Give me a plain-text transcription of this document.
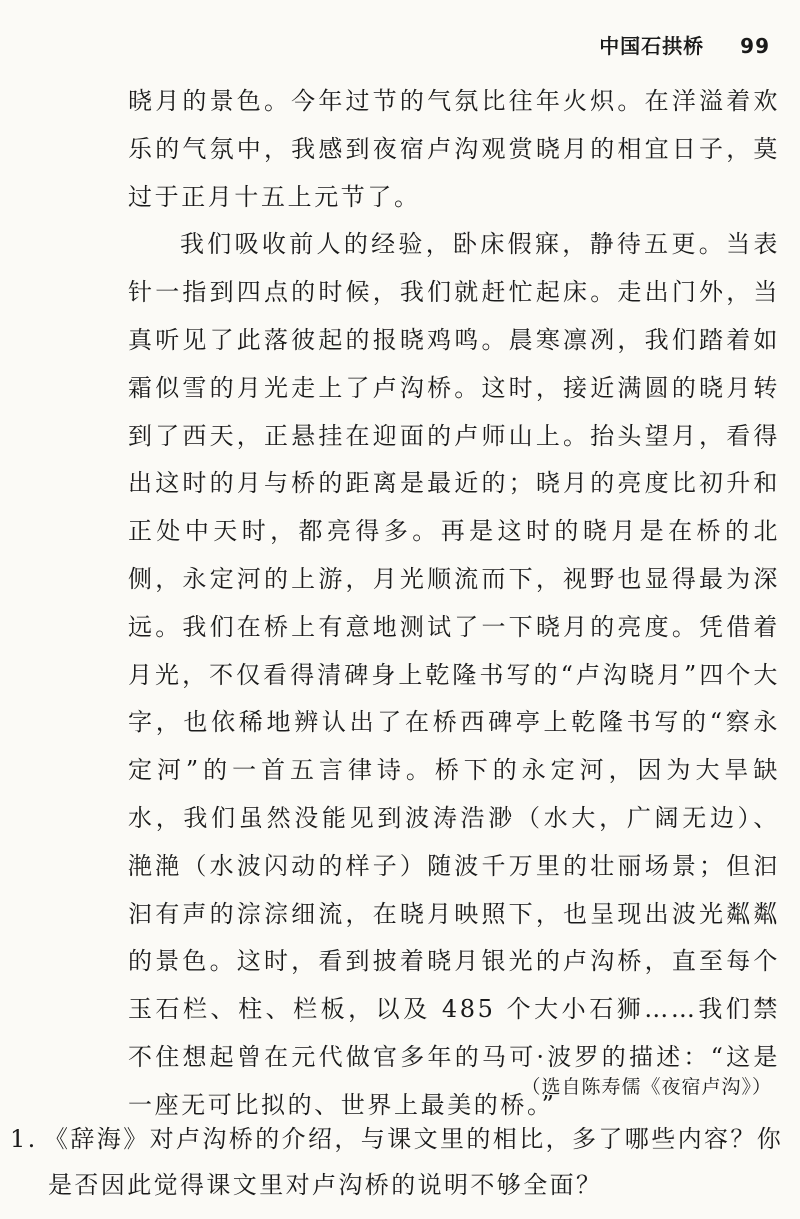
中国石拱桥 99

晓月的景色。今年过节的气氛比往年火炽。在洋溢着欢乐的气氛中，我感到夜宿卢沟观赏晓月的相宜日子，莫过于正月十五上元节了。

我们吸收前人的经验，卧床假寐，静待五更。当表针一指到四点的时候，我们就赶忙起床。走出门外，当真听见了此落彼起的报晓鸡鸣。晨寒凛冽，我们踏着如霜似雪的月光走上了卢沟桥。这时，接近满圆的晓月转到了西天，正悬挂在迎面的卢师山上。抬头望月，看得出这时的月与桥的距离是最近的；晓月的亮度比初升和正处中天时，都亮得多。再是这时的晓月是在桥的北侧，永定河的上游，月光顺流而下，视野也显得最为深远。我们在桥上有意地测试了一下晓月的亮度。凭借着月光，不仅看得清碑身上乾隆书写的“卢沟晓月”四个大字，也依稀地辨认出了在桥西碑亭上乾隆书写的“察永定河”的一首五言律诗。桥下的永定河，因为大旱缺水，我们虽然没能见到波涛浩渺（水大，广阔无边）、滟滟（水波闪动的样子）随波千万里的壮丽场景；但汩汩有声的淙淙细流，在晓月映照下，也呈现出波光粼粼的景色。这时，看到披着晓月银光的卢沟桥，直至每个玉石栏、柱、栏板，以及 485 个大小石狮……我们禁不住想起曾在元代做官多年的马可·波罗的描述：“这是一座无可比拟的、世界上最美的桥。”

（选自陈寿儒《夜宿卢沟》）
1. 《辞海》对卢沟桥的介绍，与课文里的相比，多了哪些内容？你
是否因此觉得课文里对卢沟桥的说明不够全面？
